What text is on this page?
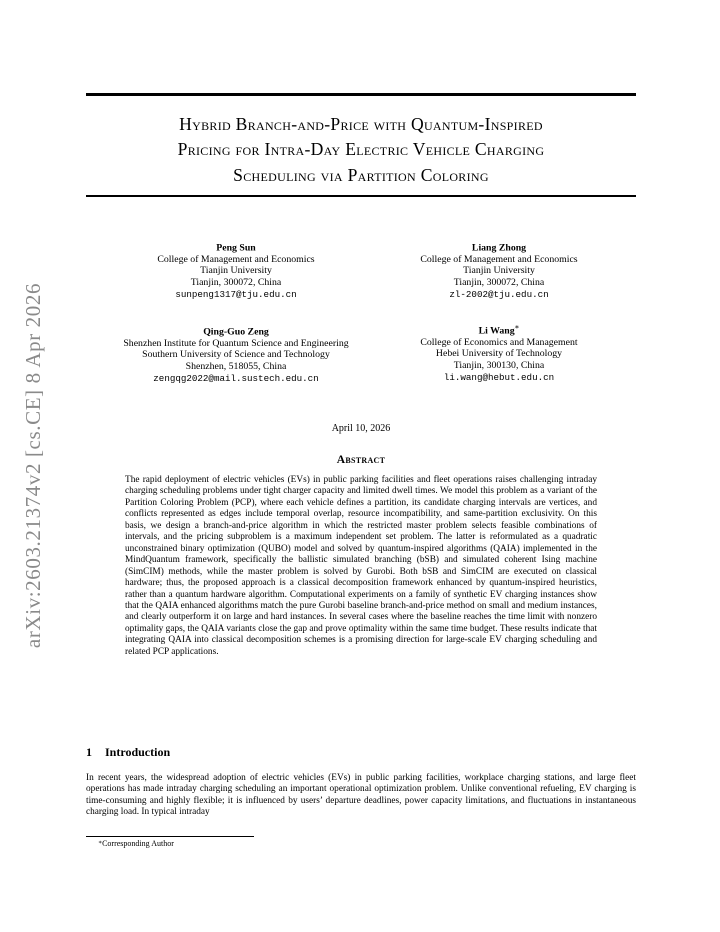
arXiv:2603.21374v2 [cs.CE] 8 Apr 2026
Hybrid Branch-and-Price with Quantum-Inspired
Pricing for Intra-Day Electric Vehicle Charging
Scheduling via Partition Coloring
Peng Sun
College of Management and Economics
Tianjin University
Tianjin, 300072, China
sunpeng1317@tju.edu.cn
Liang Zhong
College of Management and Economics
Tianjin University
Tianjin, 300072, China
zl-2002@tju.edu.cn
Qing-Guo Zeng
Shenzhen Institute for Quantum Science and Engineering
Southern University of Science and Technology
Shenzhen, 518055, China
zengqg2022@mail.sustech.edu.cn
Li Wang∗
College of Economics and Management
Hebei University of Technology
Tianjin, 300130, China
li.wang@hebut.edu.cn
April 10, 2026
Abstract
The rapid deployment of electric vehicles (EVs) in public parking facilities and fleet operations raises challenging intraday charging scheduling problems under tight charger capacity and limited dwell times. We model this problem as a variant of the Partition Coloring Problem (PCP), where each vehicle defines a partition, its candidate charging intervals are vertices, and conflicts represented as edges include temporal overlap, resource incompatibility, and same-partition exclusivity. On this basis, we design a branch-and-price algorithm in which the restricted master problem selects feasible combinations of intervals, and the pricing subproblem is a maximum independent set problem. The latter is reformulated as a quadratic unconstrained binary optimization (QUBO) model and solved by quantum-inspired algorithms (QAIA) implemented in the MindQuantum framework, specifically the ballistic simulated branching (bSB) and simulated coherent Ising machine (SimCIM) methods, while the master problem is solved by Gurobi. Both bSB and SimCIM are executed on classical hardware; thus, the proposed approach is a classical decomposition framework enhanced by quantum-inspired heuristics, rather than a quantum hardware algorithm. Computational experiments on a family of synthetic EV charging instances show that the QAIA enhanced algorithms match the pure Gurobi baseline branch-and-price method on small and medium instances, and clearly outperform it on large and hard instances. In several cases where the baseline reaches the time limit with nonzero optimality gaps, the QAIA variants close the gap and prove optimality within the same time budget. These results indicate that integrating QAIA into classical decomposition schemes is a promising direction for large-scale EV charging scheduling and related PCP applications.
1 Introduction
In recent years, the widespread adoption of electric vehicles (EVs) in public parking facilities, workplace charging stations, and large fleet operations has made intraday charging scheduling an important operational optimization problem. Unlike conventional refueling, EV charging is time-consuming and highly flexible; it is influenced by users’ departure deadlines, power capacity limitations, and fluctuations in instantaneous charging load. In typical intraday
∗Corresponding Author
